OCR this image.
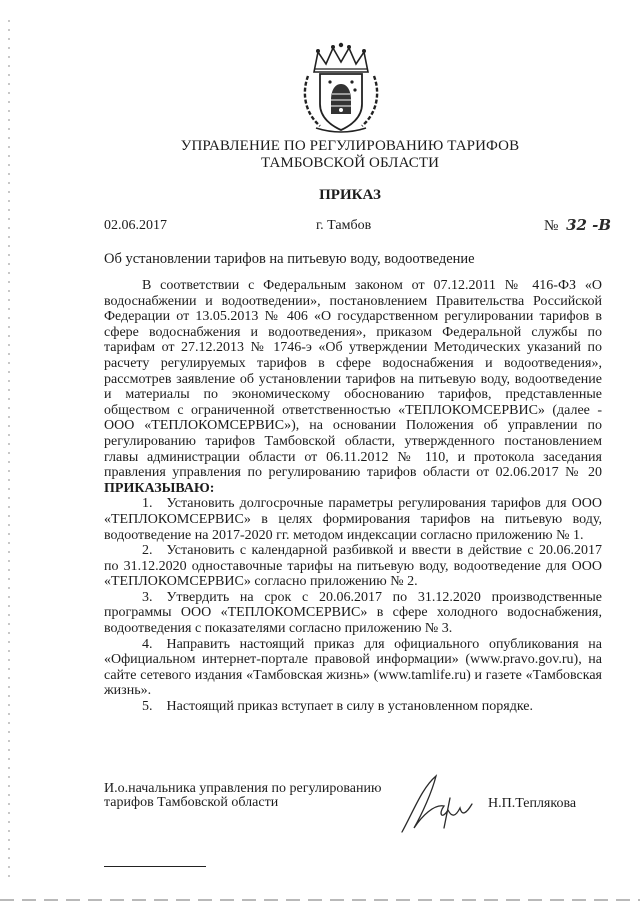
УПРАВЛЕНИЕ ПО РЕГУЛИРОВАНИЮ ТАРИФОВ
ТАМБОВСКОЙ ОБЛАСТИ
ПРИКАЗ
02.06.2017	г. Тамбов	№ 32 -В
Об установлении тарифов на питьевую воду, водоотведение

В соответствии с Федеральным законом от 07.12.2011 № 416-ФЗ «О водоснабжении и водоотведении», постановлением Правительства Российской Федерации от 13.05.2013 № 406 «О государственном регулировании тарифов в сфере водоснабжения и водоотведения», приказом Федеральной службы по тарифам от 27.12.2013 № 1746-э «Об утверждении Методических указаний по расчету регулируемых тарифов в сфере водоснабжения и водоотведения», рассмотрев заявление об установлении тарифов на питьевую воду, водоотведение и материалы по экономическому обоснованию тарифов, представленные обществом с ограниченной ответственностью «ТЕПЛОКОМСЕРВИС» (далее - ООО «ТЕПЛОКОМСЕРВИС»), на основании Положения об управлении по регулированию тарифов Тамбовской области, утвержденного постановлением главы администрации области от 06.11.2012 № 110, и протокола заседания правления управления по регулированию тарифов области от 02.06.2017 № 20 ПРИКАЗЫВАЮ:

1. Установить долгосрочные параметры регулирования тарифов для ООО «ТЕПЛОКОМСЕРВИС» в целях формирования тарифов на питьевую воду, водоотведение на 2017-2020 гг. методом индексации согласно приложению № 1.

2. Установить с календарной разбивкой и ввести в действие с 20.06.2017 по 31.12.2020 одноставочные тарифы на питьевую воду, водоотведение для ООО «ТЕПЛОКОМСЕРВИС» согласно приложению № 2.

3. Утвердить на срок с 20.06.2017 по 31.12.2020 производственные программы ООО «ТЕПЛОКОМСЕРВИС» в сфере холодного водоснабжения, водоотведения с показателями согласно приложению № 3.

4. Направить настоящий приказ для официального опубликования на «Официальном интернет-портале правовой информации» (www.pravo.gov.ru), на сайте сетевого издания «Тамбовская жизнь» (www.tamlife.ru) и газете «Тамбовская жизнь».

5. Настоящий приказ вступает в силу в установленном порядке.

И.о.начальника управления по регулированию
тарифов Тамбовской области	Н.П.Теплякова
